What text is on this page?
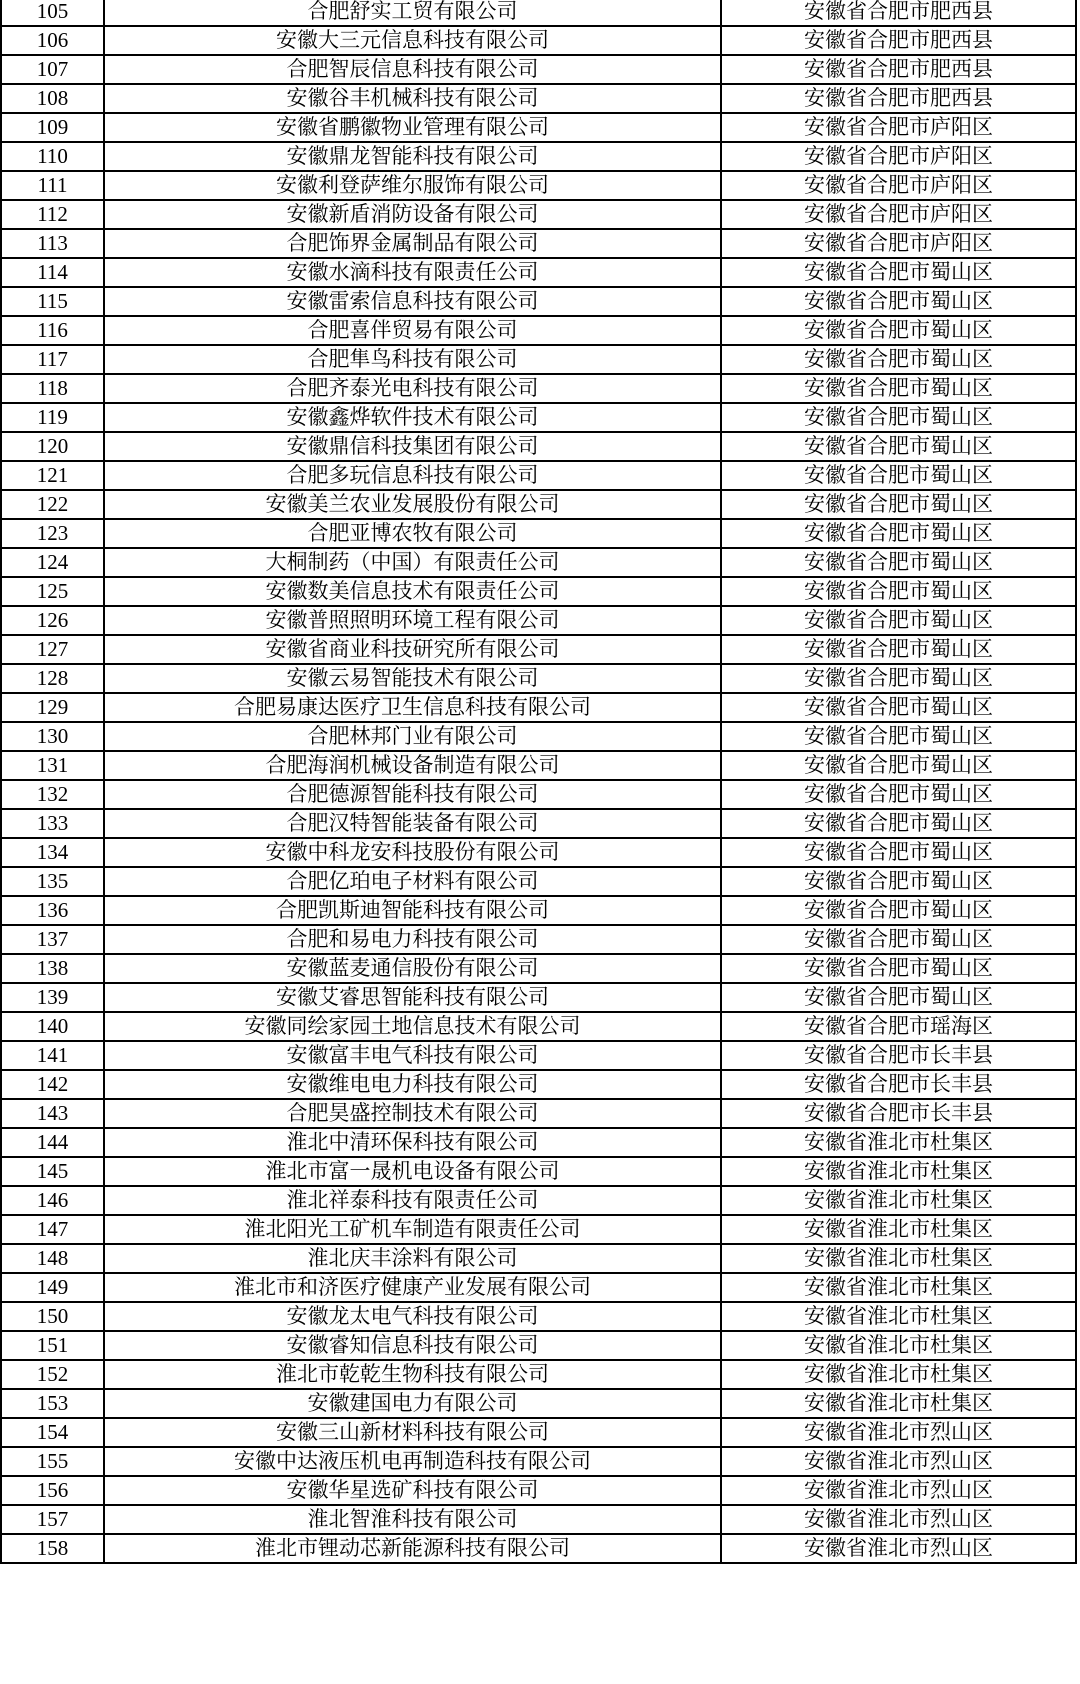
105	合肥舒实工贸有限公司	安徽省合肥市肥西县
106	安徽大三元信息科技有限公司	安徽省合肥市肥西县
107	合肥智辰信息科技有限公司	安徽省合肥市肥西县
108	安徽谷丰机械科技有限公司	安徽省合肥市肥西县
109	安徽省鹏徽物业管理有限公司	安徽省合肥市庐阳区
110	安徽鼎龙智能科技有限公司	安徽省合肥市庐阳区
111	安徽利登萨维尔服饰有限公司	安徽省合肥市庐阳区
112	安徽新盾消防设备有限公司	安徽省合肥市庐阳区
113	合肥饰界金属制品有限公司	安徽省合肥市庐阳区
114	安徽水滴科技有限责任公司	安徽省合肥市蜀山区
115	安徽雷索信息科技有限公司	安徽省合肥市蜀山区
116	合肥喜伴贸易有限公司	安徽省合肥市蜀山区
117	合肥隼鸟科技有限公司	安徽省合肥市蜀山区
118	合肥齐泰光电科技有限公司	安徽省合肥市蜀山区
119	安徽鑫烨软件技术有限公司	安徽省合肥市蜀山区
120	安徽鼎信科技集团有限公司	安徽省合肥市蜀山区
121	合肥多玩信息科技有限公司	安徽省合肥市蜀山区
122	安徽美兰农业发展股份有限公司	安徽省合肥市蜀山区
123	合肥亚博农牧有限公司	安徽省合肥市蜀山区
124	大桐制药（中国）有限责任公司	安徽省合肥市蜀山区
125	安徽数美信息技术有限责任公司	安徽省合肥市蜀山区
126	安徽普照照明环境工程有限公司	安徽省合肥市蜀山区
127	安徽省商业科技研究所有限公司	安徽省合肥市蜀山区
128	安徽云易智能技术有限公司	安徽省合肥市蜀山区
129	合肥易康达医疗卫生信息科技有限公司	安徽省合肥市蜀山区
130	合肥林邦门业有限公司	安徽省合肥市蜀山区
131	合肥海润机械设备制造有限公司	安徽省合肥市蜀山区
132	合肥德源智能科技有限公司	安徽省合肥市蜀山区
133	合肥汉特智能装备有限公司	安徽省合肥市蜀山区
134	安徽中科龙安科技股份有限公司	安徽省合肥市蜀山区
135	合肥亿珀电子材料有限公司	安徽省合肥市蜀山区
136	合肥凯斯迪智能科技有限公司	安徽省合肥市蜀山区
137	合肥和易电力科技有限公司	安徽省合肥市蜀山区
138	安徽蓝麦通信股份有限公司	安徽省合肥市蜀山区
139	安徽艾睿思智能科技有限公司	安徽省合肥市蜀山区
140	安徽同绘家园土地信息技术有限公司	安徽省合肥市瑶海区
141	安徽富丰电气科技有限公司	安徽省合肥市长丰县
142	安徽维电电力科技有限公司	安徽省合肥市长丰县
143	合肥昊盛控制技术有限公司	安徽省合肥市长丰县
144	淮北中清环保科技有限公司	安徽省淮北市杜集区
145	淮北市富一晟机电设备有限公司	安徽省淮北市杜集区
146	淮北祥泰科技有限责任公司	安徽省淮北市杜集区
147	淮北阳光工矿机车制造有限责任公司	安徽省淮北市杜集区
148	淮北庆丰涂料有限公司	安徽省淮北市杜集区
149	淮北市和济医疗健康产业发展有限公司	安徽省淮北市杜集区
150	安徽龙太电气科技有限公司	安徽省淮北市杜集区
151	安徽睿知信息科技有限公司	安徽省淮北市杜集区
152	淮北市乾乾生物科技有限公司	安徽省淮北市杜集区
153	安徽建国电力有限公司	安徽省淮北市杜集区
154	安徽三山新材料科技有限公司	安徽省淮北市烈山区
155	安徽中达液压机电再制造科技有限公司	安徽省淮北市烈山区
156	安徽华星选矿科技有限公司	安徽省淮北市烈山区
157	淮北智淮科技有限公司	安徽省淮北市烈山区
158	淮北市锂动芯新能源科技有限公司	安徽省淮北市烈山区
